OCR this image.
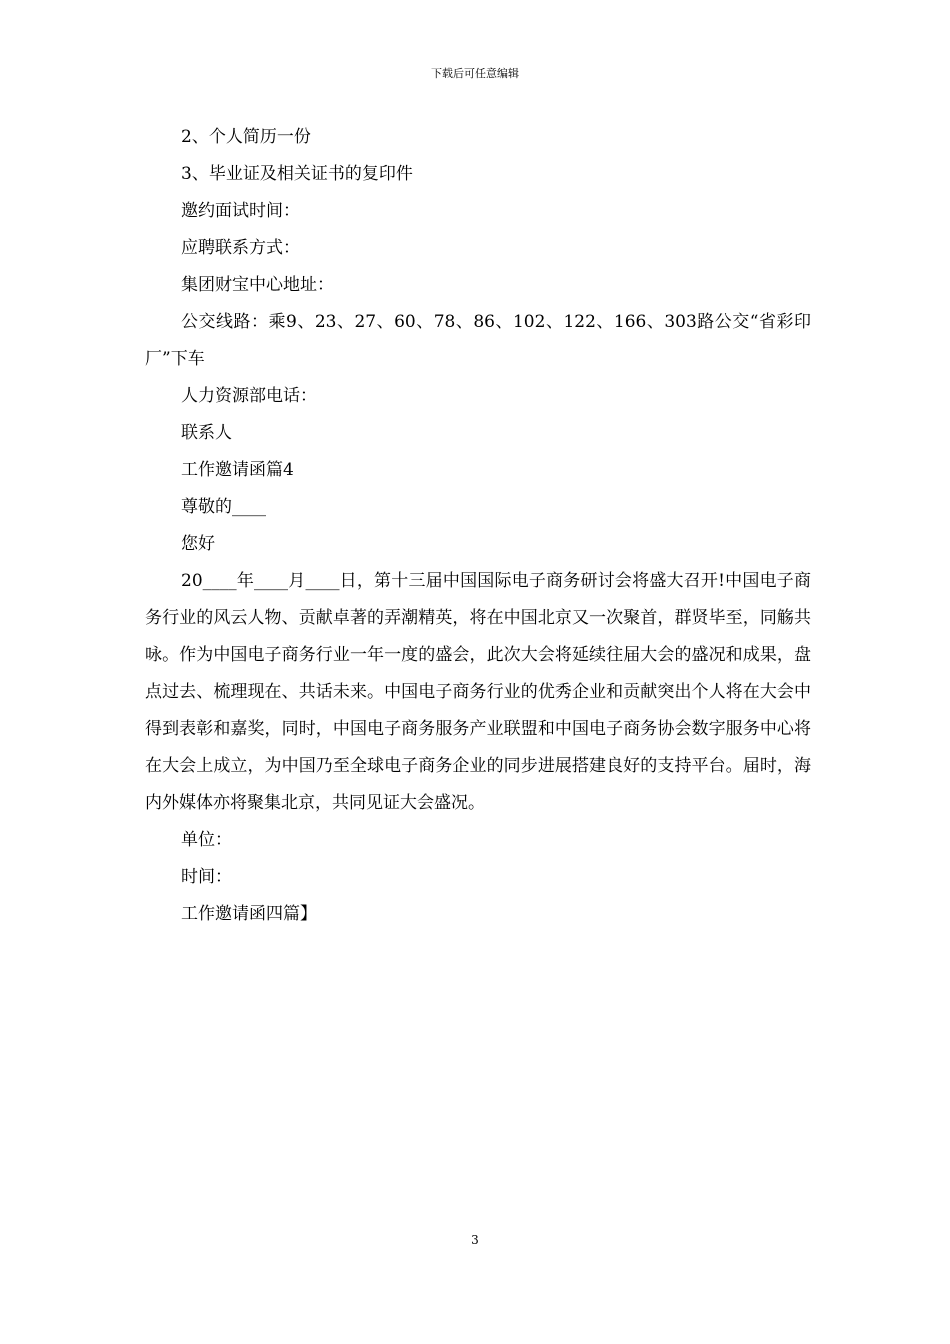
下载后可任意编辑

2、个人简历一份

3、毕业证及相关证书的复印件

邀约面试时间：

应聘联系方式：

集团财宝中心地址：

公交线路：乘9、23、27、60、78、86、102、122、166、303路公交“省彩印厂”下车

人力资源部电话：

联系人

工作邀请函篇4

尊敬的____

您好

20____年____月____日，第十三届中国国际电子商务研讨会将盛大召开!中国电子商务行业的风云人物、贡献卓著的弄潮精英，将在中国北京又一次聚首，群贤毕至，同觞共咏。作为中国电子商务行业一年一度的盛会，此次大会将延续往届大会的盛况和成果，盘点过去、梳理现在、共话未来。中国电子商务行业的优秀企业和贡献突出个人将在大会中得到表彰和嘉奖，同时，中国电子商务服务产业联盟和中国电子商务协会数字服务中心将在大会上成立，为中国乃至全球电子商务企业的同步进展搭建良好的支持平台。届时，海内外媒体亦将聚集北京，共同见证大会盛况。

单位：

时间：

工作邀请函四篇】

3
